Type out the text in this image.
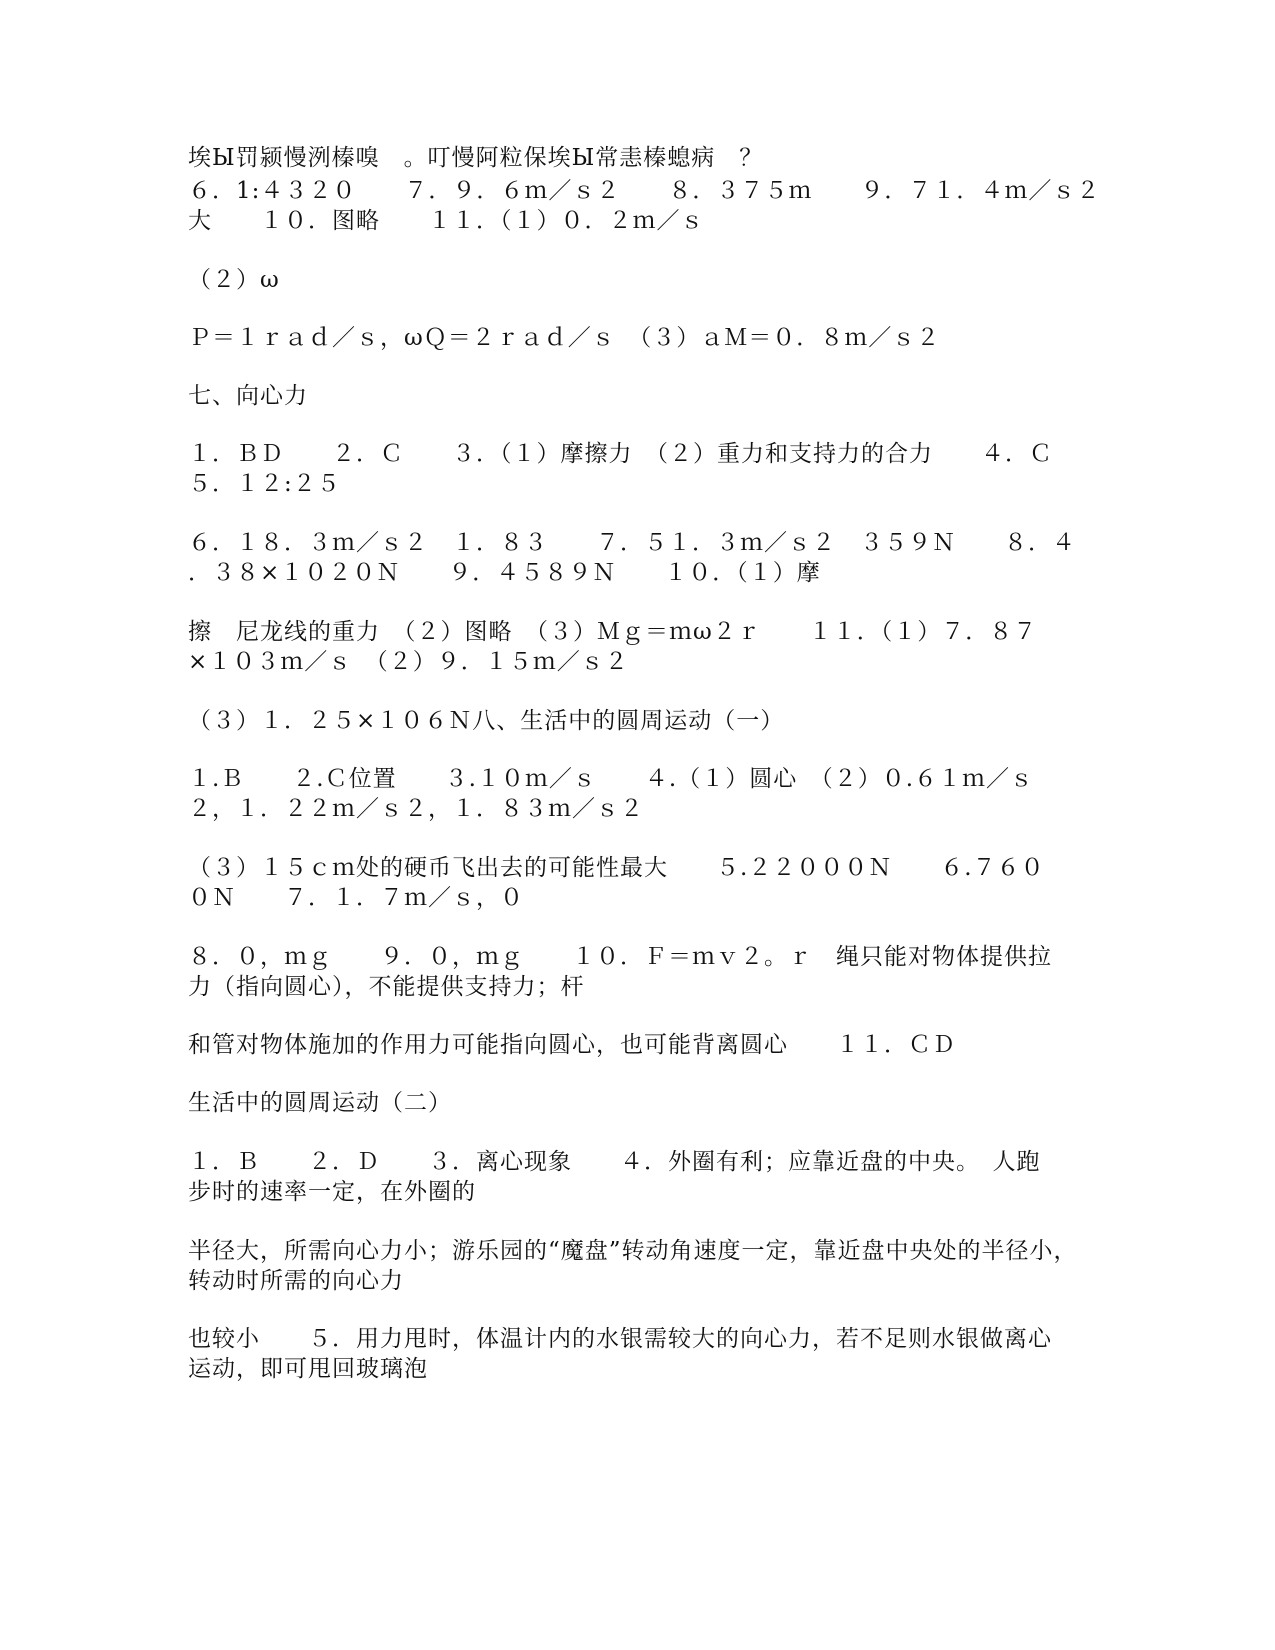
埃Ы罚颍慢洌榛嗅　。叮慢阿粒保埃Ы常恚榛螅病　？
６．1:４３２０　　７．９．６ｍ／ｓ２　　８．３７５ｍ　　９．７１．４ｍ／ｓ２
大　　１０．图略　　１１．（１）０．２ｍ／ｓ
（２）ω
Ｐ＝１ｒａｄ／ｓ，ωＱ＝２ｒａｄ／ｓ　（３）ａＭ＝０．８ｍ／ｓ２
七、向心力
１．ＢＤ　　２．Ｃ　　３．（１）摩擦力　（２）重力和支持力的合力　　４．Ｃ
５．１２:２５
６．１８．３ｍ／ｓ２　１．８３　　７．５１．３ｍ／ｓ２　３５９Ｎ　　８．４
．３８×１０２０Ｎ　　９．４５８９Ｎ　　１０．（１）摩
擦　尼龙线的重力　（２）图略　（３）Ｍｇ＝ｍω２ｒ　　１１．（１）７．８７
×１０３ｍ／ｓ　（２）９．１５ｍ／ｓ２
（３）１．２５×１０６Ｎ八、生活中的圆周运动（一）
１.Ｂ　　２.Ｃ位置　　３.１０ｍ／ｓ　　４.（１）圆心　（２）０.６１ｍ／ｓ
２，１．２２ｍ／ｓ２，１．８３ｍ／ｓ２
（３）１５ｃｍ处的硬币飞出去的可能性最大　　５.２２０００Ｎ　　６.７６０
０Ｎ　　７．１．７ｍ／ｓ，０
８．０，ｍｇ　　９．０，ｍｇ　　１０．Ｆ＝ｍｖ２。ｒ　绳只能对物体提供拉
力（指向圆心），不能提供支持力；杆
和管对物体施加的作用力可能指向圆心，也可能背离圆心　　１１．ＣＤ
生活中的圆周运动（二）
１．Ｂ　　２．Ｄ　　３．离心现象　　４．外圈有利；应靠近盘的中央。　人跑
步时的速率一定，在外圈的
半径大，所需向心力小；游乐园的“魔盘”转动角速度一定，靠近盘中央处的半径小，
转动时所需的向心力
也较小　　５．用力甩时，体温计内的水银需较大的向心力，若不足则水银做离心
运动，即可甩回玻璃泡
